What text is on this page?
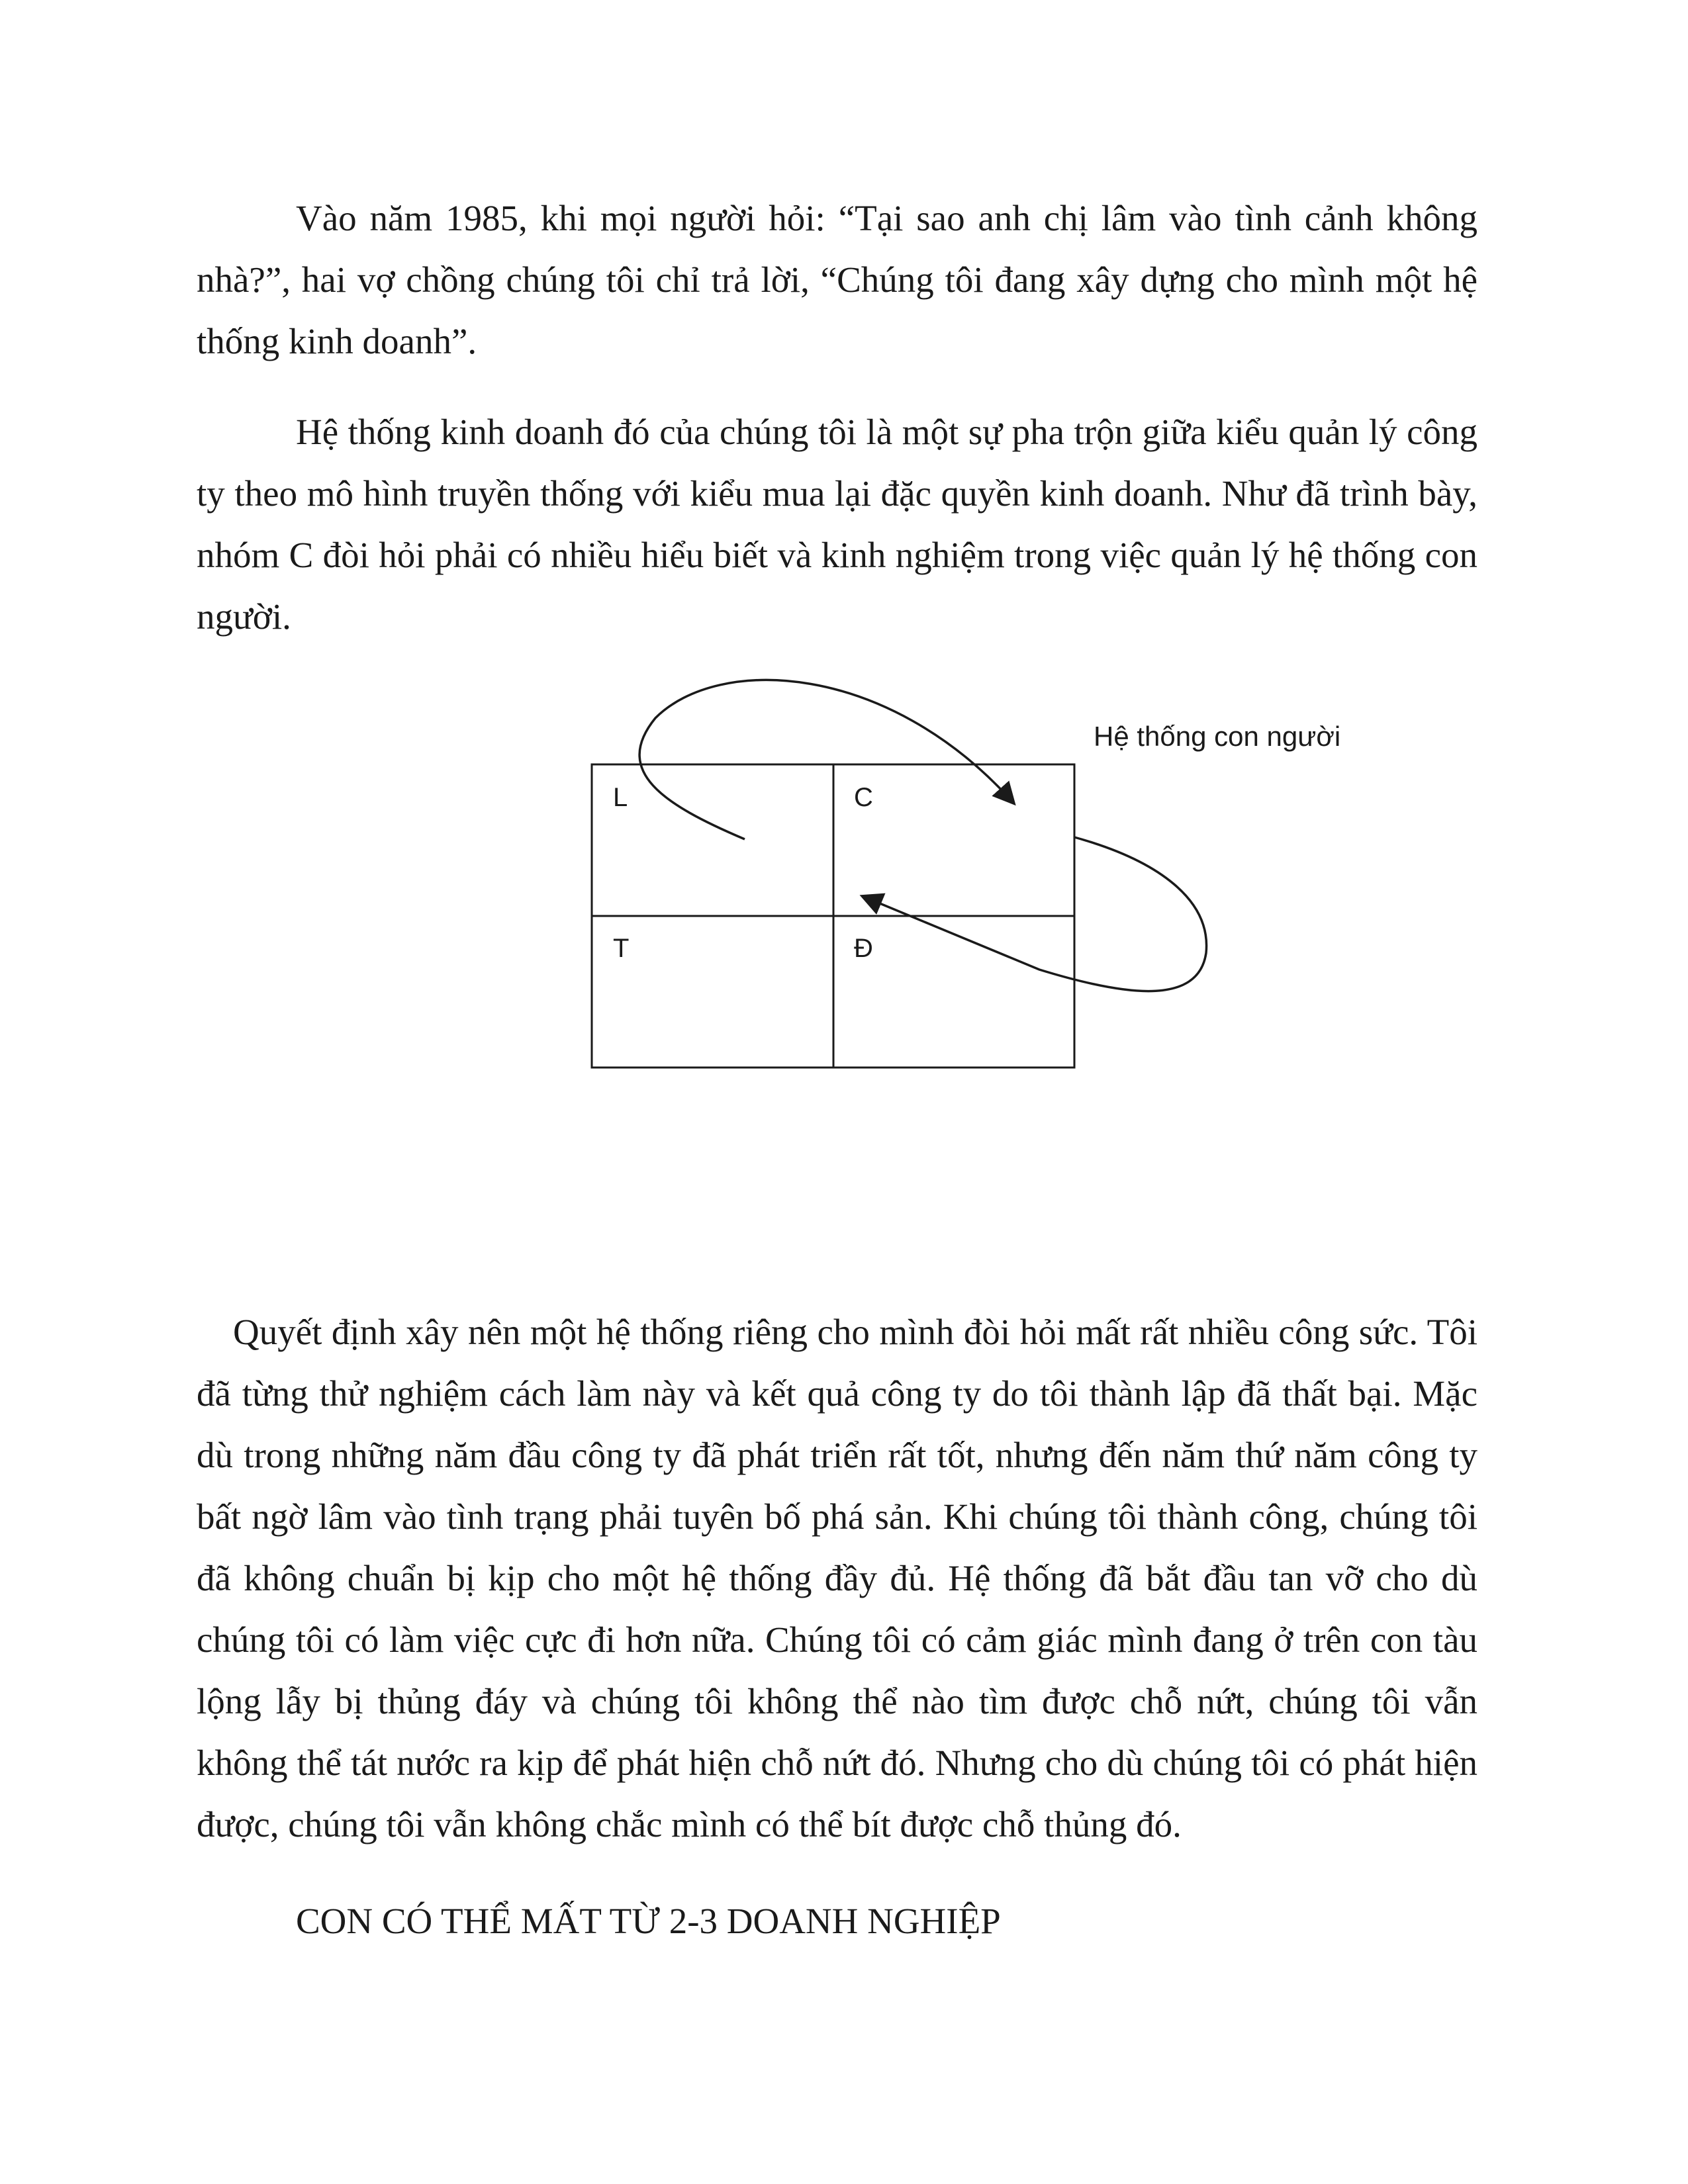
Vào năm 1985, khi mọi người hỏi: “Tại sao anh chị lâm vào tình cảnh không nhà?”, hai vợ chồng chúng tôi chỉ trả lời, “Chúng tôi đang xây dựng cho mình một hệ thống kinh doanh”.

Hệ thống kinh doanh đó của chúng tôi là một sự pha trộn giữa kiểu quản lý công ty theo mô hình truyền thống với kiểu mua lại đặc quyền kinh doanh. Như đã trình bày, nhóm C đòi hỏi phải có nhiều hiểu biết và kinh nghiệm trong việc quản lý hệ thống con người.

L	C
T	Đ
Hệ thống con người

Quyết định xây nên một hệ thống riêng cho mình đòi hỏi mất rất nhiều công sức. Tôi đã từng thử nghiệm cách làm này và kết quả công ty do tôi thành lập đã thất bại. Mặc dù trong những năm đầu công ty đã phát triển rất tốt, nhưng đến năm thứ năm công ty bất ngờ lâm vào tình trạng phải tuyên bố phá sản. Khi chúng tôi thành công, chúng tôi đã không chuẩn bị kịp cho một hệ thống đầy đủ. Hệ thống đã bắt đầu tan vỡ cho dù chúng tôi có làm việc cực đi hơn nữa. Chúng tôi có cảm giác mình đang ở trên con tàu lộng lẫy bị thủng đáy và chúng tôi không thể nào tìm được chỗ nứt, chúng tôi vẫn không thể tát nước ra kịp để phát hiện chỗ nứt đó. Nhưng cho dù chúng tôi có phát hiện được, chúng tôi vẫn không chắc mình có thể bít được chỗ thủng đó.

CON CÓ THỂ MẤT TỪ 2-3 DOANH NGHIỆP
